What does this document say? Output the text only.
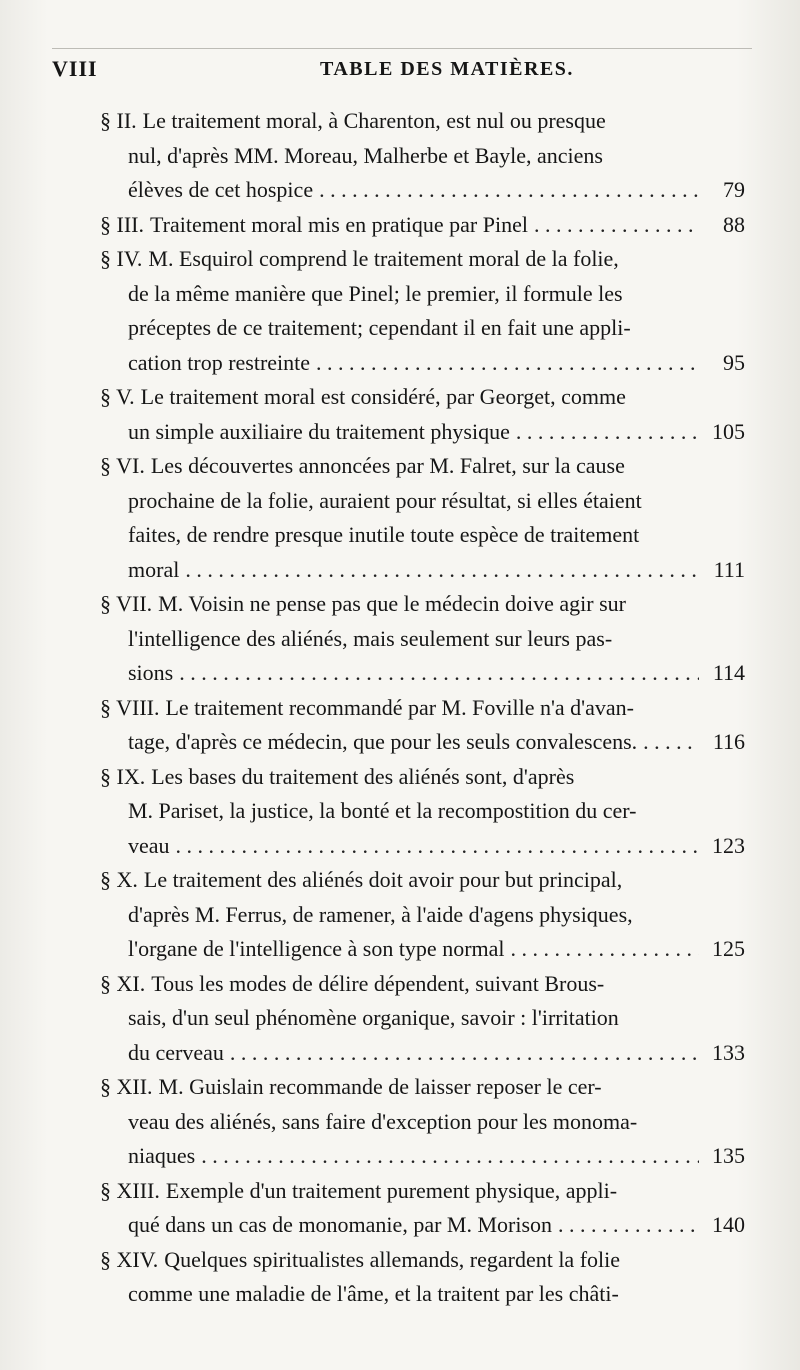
VIII	TABLE DES MATIÈRES.
§ II. Le traitement moral, à Charenton, est nul ou presque
nul, d'après MM. Moreau, Malherbe et Bayle, anciens
élèves de cet hospice . . .	79
§ III. Traitement moral mis en pratique par Pinel . . .	88
§ IV. M. Esquirol comprend le traitement moral de la folie,
de la même manière que Pinel; le premier, il formule les
préceptes de ce traitement; cependant il en fait une appli-
cation trop restreinte . . .	95
§ V. Le traitement moral est considéré, par Georget, comme
un simple auxiliaire du traitement physique . . .	105
§ VI. Les découvertes annoncées par M. Falret, sur la cause
prochaine de la folie, auraient pour résultat, si elles étaient
faites, de rendre presque inutile toute espèce de traitement
moral . . .	111
§ VII. M. Voisin ne pense pas que le médecin doive agir sur
l'intelligence des aliénés, mais seulement sur leurs pas-
sions . . .	114
§ VIII. Le traitement recommandé par M. Foville n'a d'avan-
tage, d'après ce médecin, que pour les seuls convalescens. . . .	116
§ IX. Les bases du traitement des aliénés sont, d'après
M. Pariset, la justice, la bonté et la recompostition du cer-
veau . . .	123
§ X. Le traitement des aliénés doit avoir pour but principal,
d'après M. Ferrus, de ramener, à l'aide d'agens physiques,
l'organe de l'intelligence à son type normal . . .	125
§ XI. Tous les modes de délire dépendent, suivant Brous-
sais, d'un seul phénomène organique, savoir : l'irritation
du cerveau . . .	133
§ XII. M. Guislain recommande de laisser reposer le cer-
veau des aliénés, sans faire d'exception pour les monoma-
niaques . . .	135
§ XIII. Exemple d'un traitement purement physique, appli-
qué dans un cas de monomanie, par M. Morison . . .	140
§ XIV. Quelques spiritualistes allemands, regardent la folie
comme une maladie de l'âme, et la traitent par les châti-
